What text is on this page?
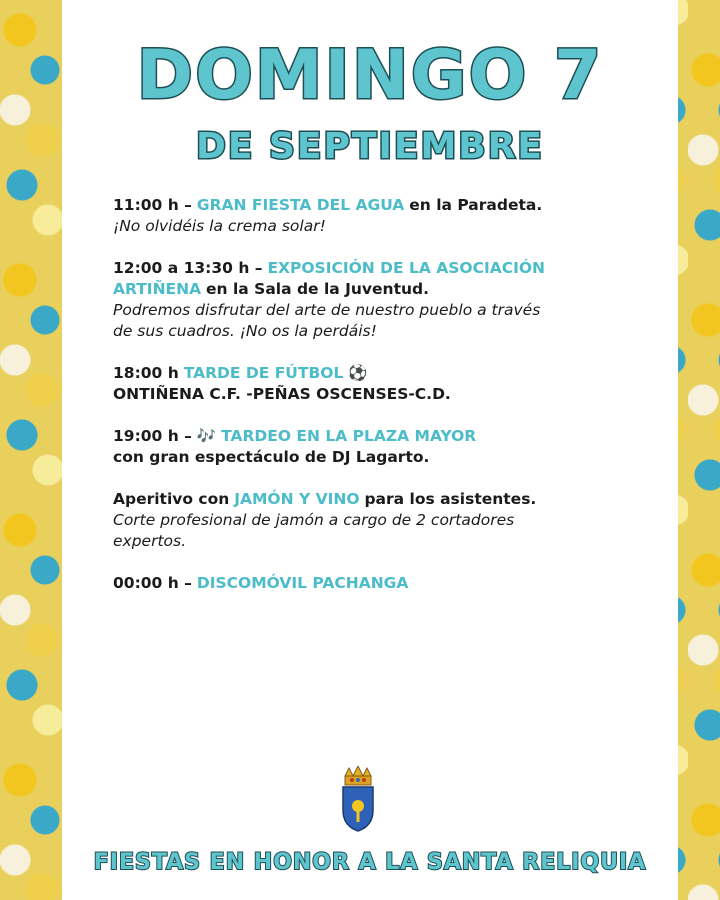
DOMINGO 7
DE SEPTIEMBRE
11:00 h – GRAN FIESTA DEL AGUA en la Paradeta.
¡No olvidéis la crema solar!
12:00 a 13:30 h – EXPOSICIÓN DE LA ASOCIACIÓN ARTIÑENA en la Sala de la Juventud.
Podremos disfrutar del arte de nuestro pueblo a través de sus cuadros. ¡No os la perdáis!
18:00 h TARDE DE FÚTBOL ⚽
ONTIÑENA C.F. -PEÑAS OSCENSES-C.D.
19:00 h – 🎶 TARDEO EN LA PLAZA MAYOR
con gran espectáculo de DJ Lagarto.
Aperitivo con JAMÓN Y VINO para los asistentes.
Corte profesional de jamón a cargo de 2 cortadores expertos.
00:00 h – DISCOMÓVIL PACHANGA
FIESTAS EN HONOR A LA SANTA RELIQUIA
